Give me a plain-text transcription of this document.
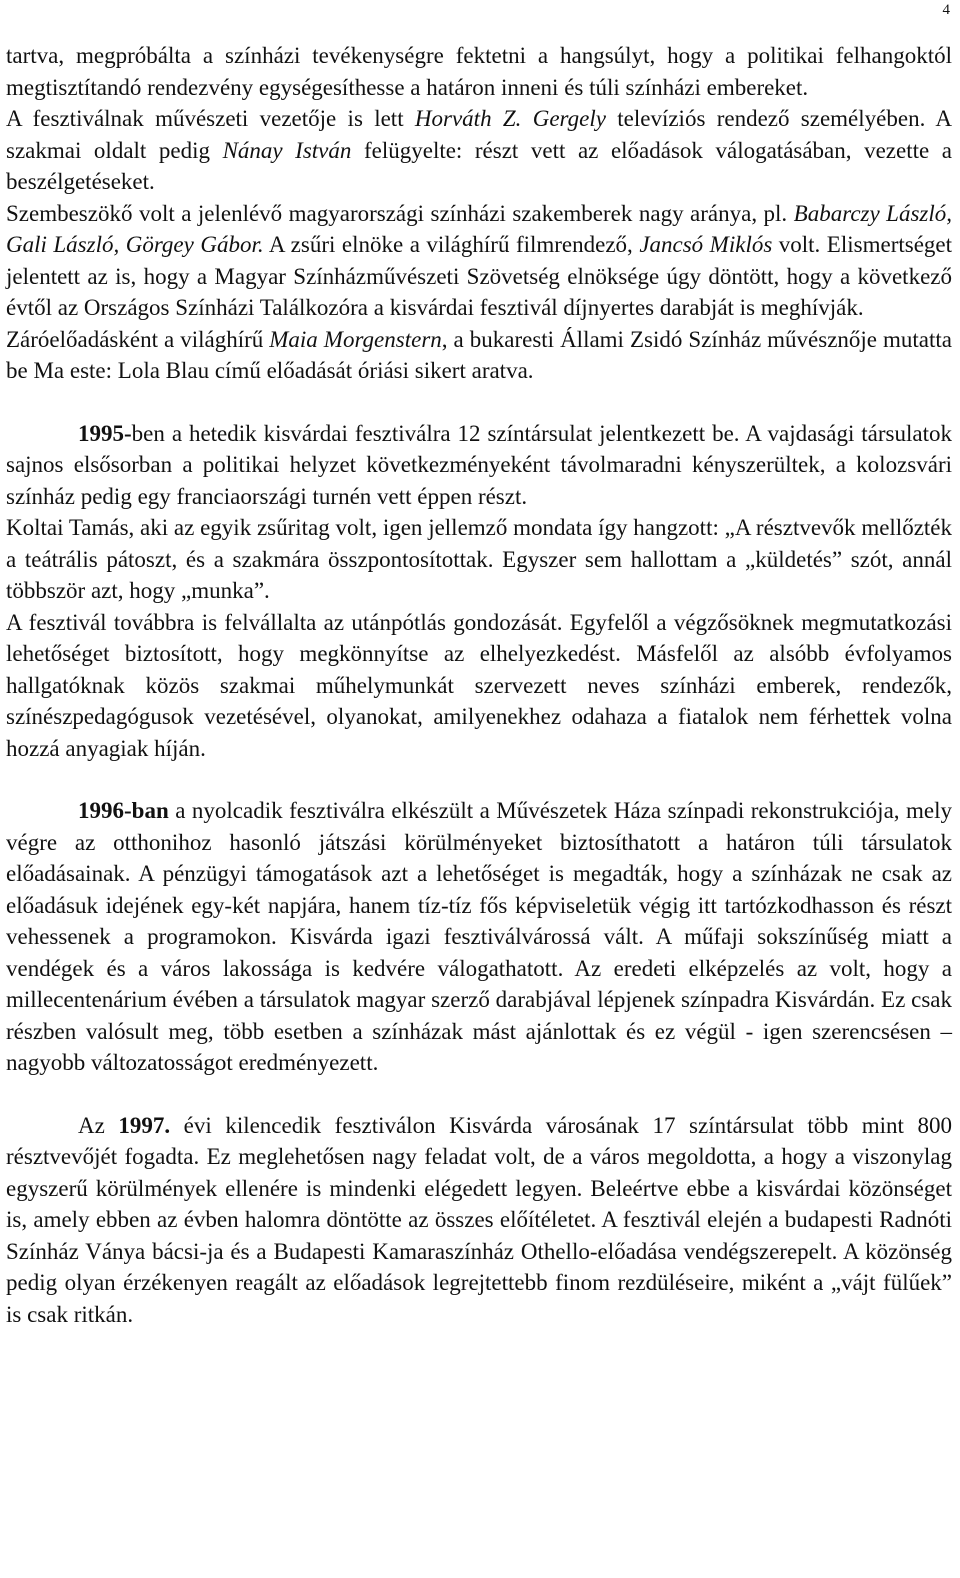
4

tartva, megpróbálta a színházi tevékenységre fektetni a hangsúlyt, hogy a politikai felhangoktól megtisztítandó rendezvény egységesíthesse a határon inneni és túli színházi embereket.

A fesztiválnak művészeti vezetője is lett Horváth Z. Gergely televíziós rendező személyében. A szakmai oldalt pedig Nánay István felügyelte: részt vett az előadások válogatásában, vezette a beszélgetéseket.

Szembeszökő volt a jelenlévő magyarországi színházi szakemberek nagy aránya, pl. Babarczy László, Gali László, Görgey Gábor. A zsűri elnöke a világhírű filmrendező, Jancsó Miklós volt. Elismertséget jelentett az is, hogy a Magyar Színházművészeti Szövetség elnöksége úgy döntött, hogy a következő évtől az Országos Színházi Találkozóra a kisvárdai fesztivál díjnyertes darabját is meghívják.

Záróelőadásként a világhírű Maia Morgenstern, a bukaresti Állami Zsidó Színház művésznője mutatta be Ma este: Lola Blau című előadását óriási sikert aratva.

1995-ben a hetedik kisvárdai fesztiválra 12 színtársulat jelentkezett be. A vajdasági társulatok sajnos elsősorban a politikai helyzet következményeként távolmaradni kényszerültek, a kolozsvári színház pedig egy franciaországi turnén vett éppen részt.

Koltai Tamás, aki az egyik zsűritag volt, igen jellemző mondata így hangzott: „A résztvevők mellőzték a teátrális pátoszt, és a szakmára összpontosítottak. Egyszer sem hallottam a „küldetés” szót, annál többször azt, hogy „munka”.

A fesztivál továbbra is felvállalta az utánpótlás gondozását. Egyfelől a végzősöknek megmutatkozási lehetőséget biztosított, hogy megkönnyítse az elhelyezkedést. Másfelől az alsóbb évfolyamos hallgatóknak közös szakmai műhelymunkát szervezett neves színházi emberek, rendezők, színészpedagógusok vezetésével, olyanokat, amilyenekhez odahaza a fiatalok nem férhettek volna hozzá anyagiak híján.

1996-ban a nyolcadik fesztiválra elkészült a Művészetek Háza színpadi rekonstrukciója, mely végre az otthonihoz hasonló játszási körülményeket biztosíthatott a határon túli társulatok előadásainak. A pénzügyi támogatások azt a lehetőséget is megadták, hogy a színházak ne csak az előadásuk idejének egy-két napjára, hanem tíz-tíz fős képviseletük végig itt tartózkodhasson és részt vehessenek a programokon. Kisvárda igazi fesztiválvárossá vált. A műfaji sokszínűség miatt a vendégek és a város lakossága is kedvére válogathatott. Az eredeti elképzelés az volt, hogy a millecentenárium évében a társulatok magyar szerző darabjával lépjenek színpadra Kisvárdán. Ez csak részben valósult meg, több esetben a színházak mást ajánlottak és ez végül - igen szerencsésen – nagyobb változatosságot eredményezett.

Az 1997. évi kilencedik fesztiválon Kisvárda városának 17 színtársulat több mint 800 résztvevőjét fogadta. Ez meglehetősen nagy feladat volt, de a város megoldotta, a hogy a viszonylag egyszerű körülmények ellenére is mindenki elégedett legyen. Beleértve ebbe a kisvárdai közönséget is, amely ebben az évben halomra döntötte az összes előítéletet. A fesztivál elején a budapesti Radnóti Színház Ványa bácsi-ja és a Budapesti Kamaraszínház Othello-előadása vendégszerepelt. A közönség pedig olyan érzékenyen reagált az előadások legrejtettebb finom rezdüléseire, miként a „vájt fülűek” is csak ritkán.
